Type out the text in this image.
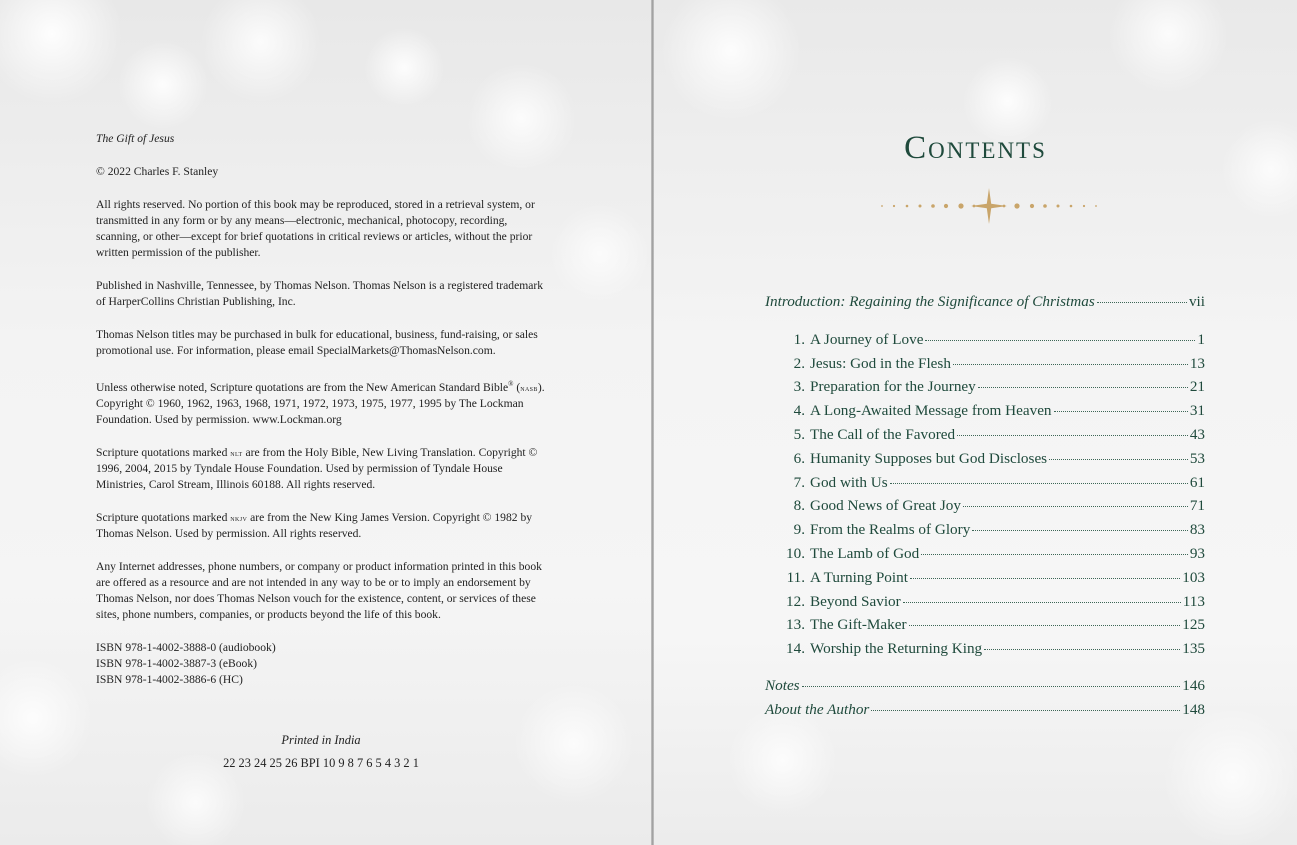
The Gift of Jesus

© 2022 Charles F. Stanley

All rights reserved. No portion of this book may be reproduced, stored in a retrieval system, or transmitted in any form or by any means—electronic, mechanical, photocopy, recording, scanning, or other—except for brief quotations in critical reviews or articles, without the prior written permission of the publisher.

Published in Nashville, Tennessee, by Thomas Nelson. Thomas Nelson is a registered trademark of HarperCollins Christian Publishing, Inc.

Thomas Nelson titles may be purchased in bulk for educational, business, fund-raising, or sales promotional use. For information, please email SpecialMarkets@ThomasNelson.com.

Unless otherwise noted, Scripture quotations are from the New American Standard Bible® (nasb). Copyright © 1960, 1962, 1963, 1968, 1971, 1972, 1973, 1975, 1977, 1995 by The Lockman Foundation. Used by permission. www.Lockman.org

Scripture quotations marked nlt are from the Holy Bible, New Living Translation. Copyright © 1996, 2004, 2015 by Tyndale House Foundation. Used by permission of Tyndale House Ministries, Carol Stream, Illinois 60188. All rights reserved.

Scripture quotations marked nkjv are from the New King James Version. Copyright © 1982 by Thomas Nelson. Used by permission. All rights reserved.

Any Internet addresses, phone numbers, or company or product information printed in this book are offered as a resource and are not intended in any way to be or to imply an endorsement by Thomas Nelson, nor does Thomas Nelson vouch for the existence, content, or services of these sites, phone numbers, companies, or products beyond the life of this book.

ISBN 978-1-4002-3888-0 (audiobook)

ISBN 978-1-4002-3887-3 (eBook)

ISBN 978-1-4002-3886-6 (HC)

Printed in India
22 23 24 25 26 BPI 10 9 8 7 6 5 4 3 2 1
Contents
Introduction: Regaining the Significance of Christmas	vii
1. A Journey of Love	1
2. Jesus: God in the Flesh	13
3. Preparation for the Journey	21
4. A Long-Awaited Message from Heaven	31
5. The Call of the Favored	43
6. Humanity Supposes but God Discloses	53
7. God with Us	61
8. Good News of Great Joy	71
9. From the Realms of Glory	83
10. The Lamb of God	93
11. A Turning Point	103
12. Beyond Savior	113
13. The Gift-Maker	125
14. Worship the Returning King	135
Notes	146
About the Author	148
